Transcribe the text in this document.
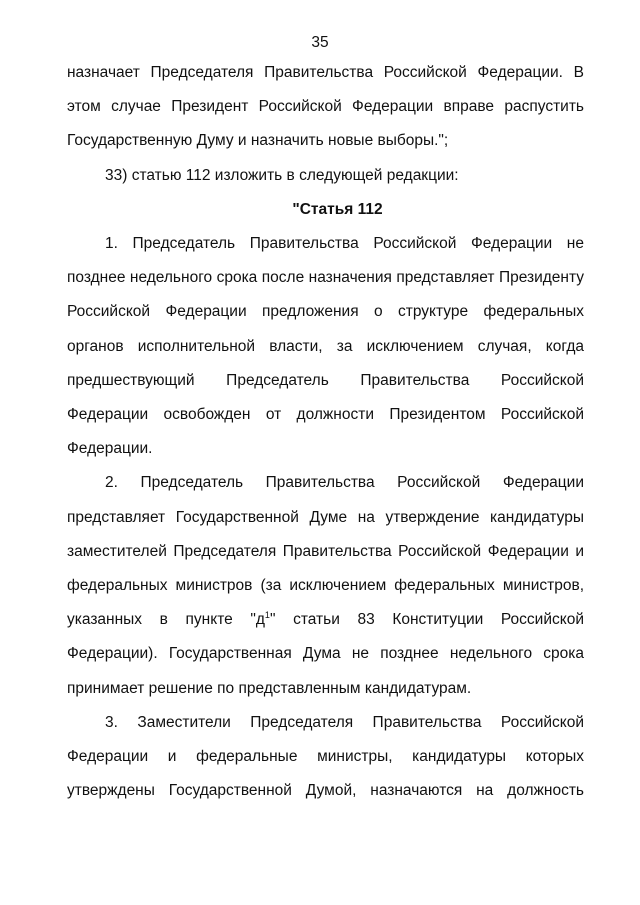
35

назначает Председателя Правительства Российской Федерации. В этом случае Президент Российской Федерации вправе распустить Государственную Думу и назначить новые выборы.";

33) статью 112 изложить в следующей редакции:

"Статья 112

1. Председатель Правительства Российской Федерации не позднее недельного срока после назначения представляет Президенту Российской Федерации предложения о структуре федеральных органов исполнительной власти, за исключением случая, когда предшествующий Председатель Правительства Российской Федерации освобожден от должности Президентом Российской Федерации.

2. Председатель Правительства Российской Федерации представляет Государственной Думе на утверждение кандидатуры заместителей Председателя Правительства Российской Федерации и федеральных министров (за исключением федеральных министров, указанных в пункте "$д^1$" статьи 83 Конституции Российской Федерации). Государственная Дума не позднее недельного срока принимает решение по представленным кандидатурам.

3. Заместители Председателя Правительства Российской Федерации и федеральные министры, кандидатуры которых утверждены Государственной Думой, назначаются на должность
